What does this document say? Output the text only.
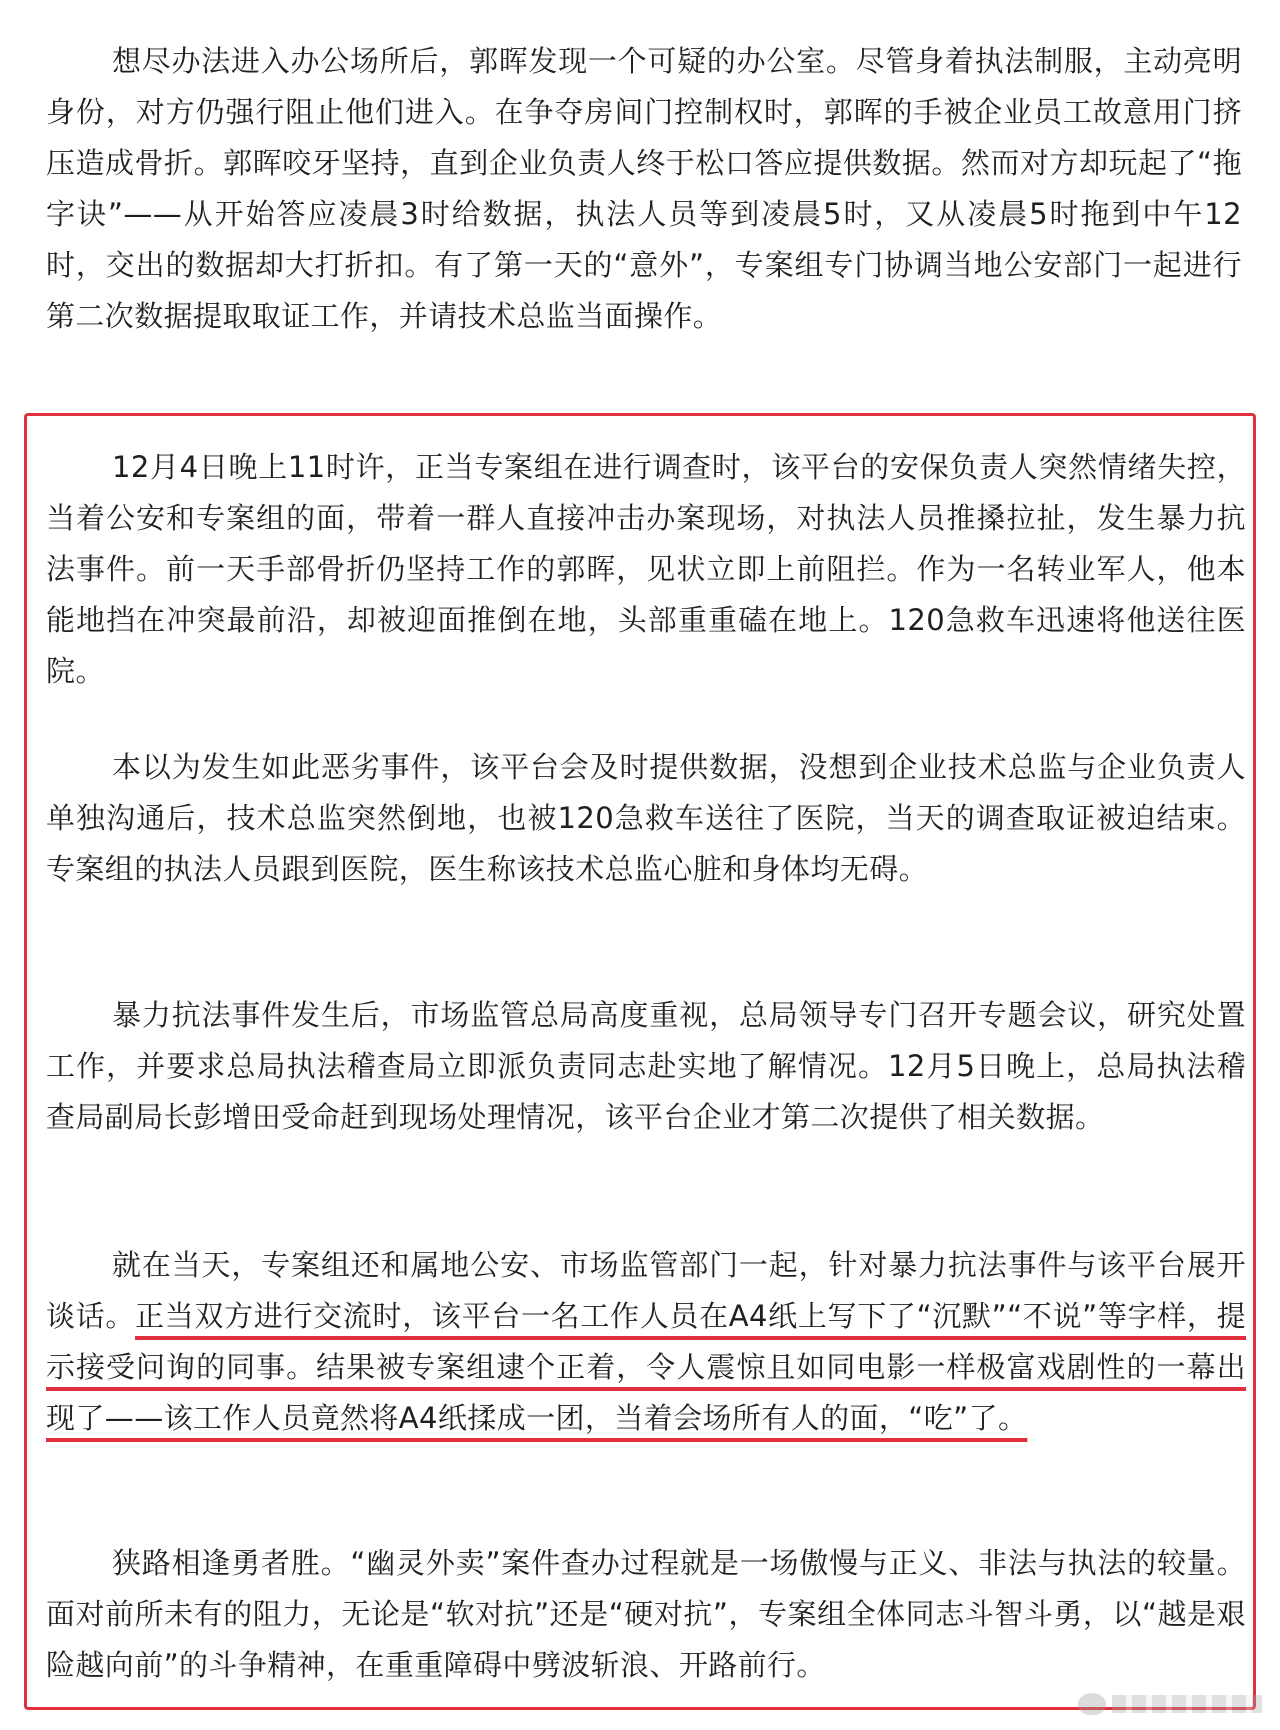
想尽办法进入办公场所后，郭晖发现一个可疑的办公室。尽管身着执法制服，主动亮明身份，对方仍强行阻止他们进入。在争夺房间门控制权时，郭晖的手被企业员工故意用门挤压造成骨折。郭晖咬牙坚持，直到企业负责人终于松口答应提供数据。然而对方却玩起了“拖字诀”——从开始答应凌晨3时给数据，执法人员等到凌晨5时，又从凌晨5时拖到中午12时，交出的数据却大打折扣。有了第一天的“意外”，专案组专门协调当地公安部门一起进行第二次数据提取取证工作，并请技术总监当面操作。

12月4日晚上11时许，正当专案组在进行调查时，该平台的安保负责人突然情绪失控，当着公安和专案组的面，带着一群人直接冲击办案现场，对执法人员推搡拉扯，发生暴力抗法事件。前一天手部骨折仍坚持工作的郭晖，见状立即上前阻拦。作为一名转业军人，他本能地挡在冲突最前沿，却被迎面推倒在地，头部重重磕在地上。120急救车迅速将他送往医院。

本以为发生如此恶劣事件，该平台会及时提供数据，没想到企业技术总监与企业负责人单独沟通后，技术总监突然倒地，也被120急救车送往了医院，当天的调查取证被迫结束。专案组的执法人员跟到医院，医生称该技术总监心脏和身体均无碍。

暴力抗法事件发生后，市场监管总局高度重视，总局领导专门召开专题会议，研究处置工作，并要求总局执法稽查局立即派负责同志赴实地了解情况。12月5日晚上，总局执法稽查局副局长彭增田受命赶到现场处理情况，该平台企业才第二次提供了相关数据。

就在当天，专案组还和属地公安、市场监管部门一起，针对暴力抗法事件与该平台展开谈话。正当双方进行交流时，该平台一名工作人员在A4纸上写下了“沉默”“不说”等字样，提示接受问询的同事。结果被专案组逮个正着，令人震惊且如同电影一样极富戏剧性的一幕出现了——该工作人员竟然将A4纸揉成一团，当着会场所有人的面，“吃”了。

狭路相逢勇者胜。“幽灵外卖”案件查办过程就是一场傲慢与正义、非法与执法的较量。面对前所未有的阻力，无论是“软对抗”还是“硬对抗”，专案组全体同志斗智斗勇，以“越是艰险越向前”的斗争精神，在重重障碍中劈波斩浪、开路前行。
